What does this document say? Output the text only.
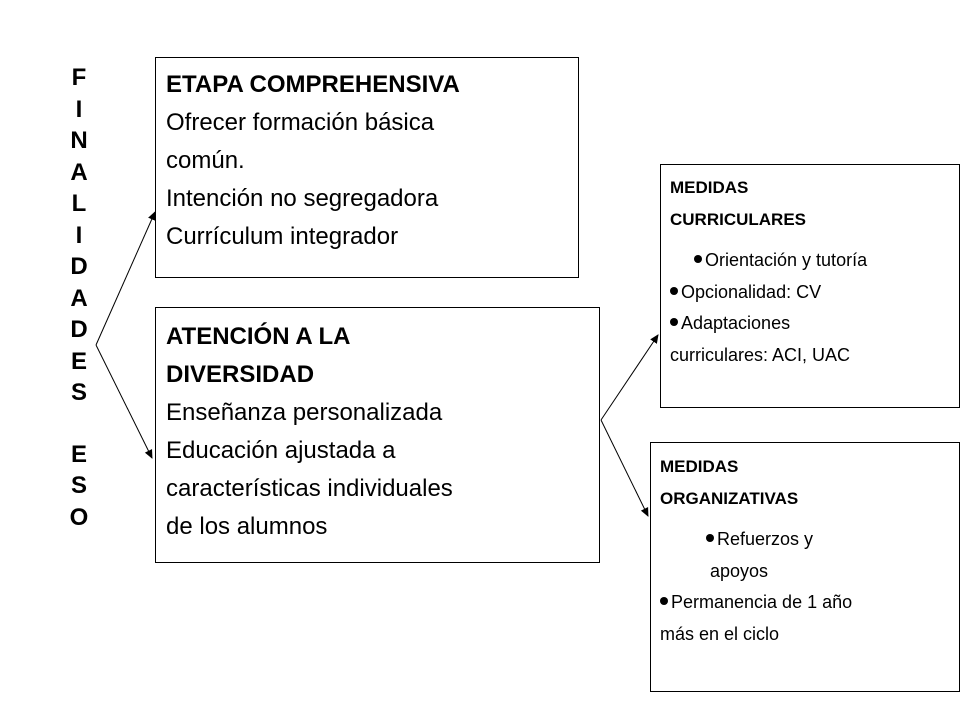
F
I
N
A
L
I
D
A
D
E
S
E
S
O
ETAPA COMPREHENSIVA
Ofrecer formación básica
común.
Intención no segregadora
Currículum integrador
ATENCIÓN A LA
DIVERSIDAD
Enseñanza personalizada
Educación ajustada a
características individuales
de los alumnos
MEDIDAS
CURRICULARES
Orientación y tutoría
Opcionalidad: CV
Adaptaciones
curriculares: ACI, UAC
MEDIDAS
ORGANIZATIVAS
Refuerzos y
apoyos
Permanencia de 1 año
más en el ciclo
